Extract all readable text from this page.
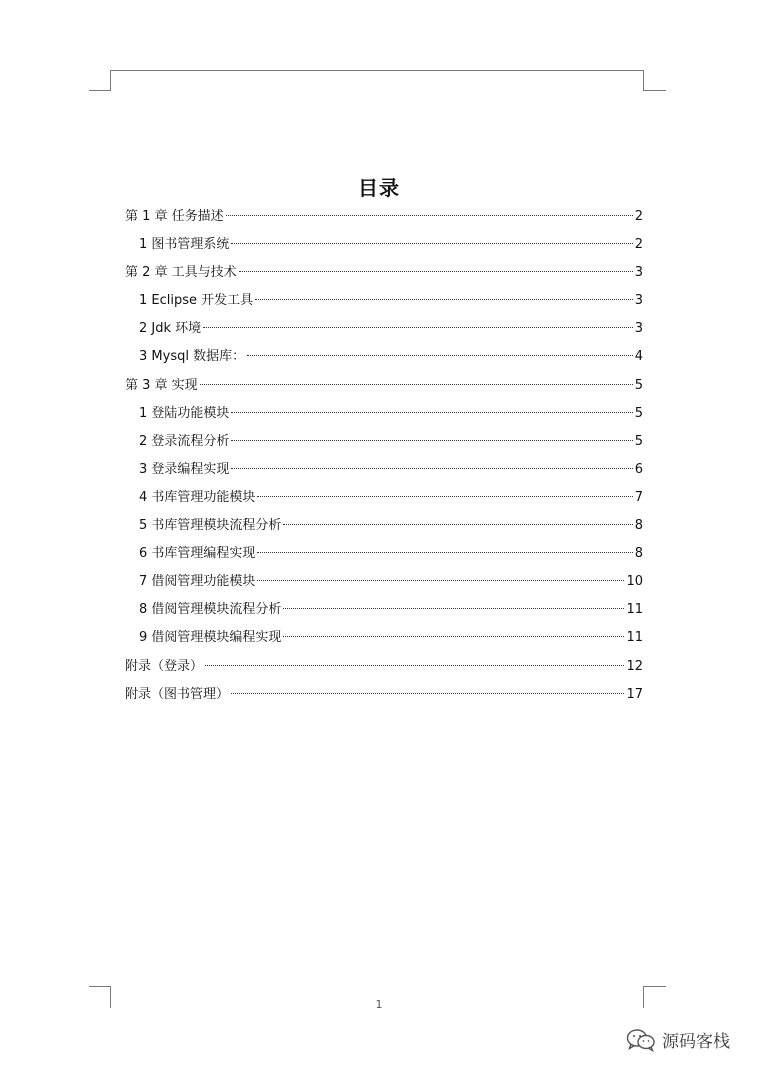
目录
第 1 章 任务描述	2
1 图书管理系统	2
第 2 章 工具与技术	3
1 Eclipse 开发工具	3
2 Jdk 环境	3
3 Mysql 数据库：	4
第 3 章 实现	5
1 登陆功能模块	5
2 登录流程分析	5
3 登录编程实现	6
4 书库管理功能模块	7
5 书库管理模块流程分析	8
6 书库管理编程实现	8
7 借阅管理功能模块	10
8 借阅管理模块流程分析	11
9 借阅管理模块编程实现	11
附录（登录）	12
附录（图书管理）	17
1
源码客栈
